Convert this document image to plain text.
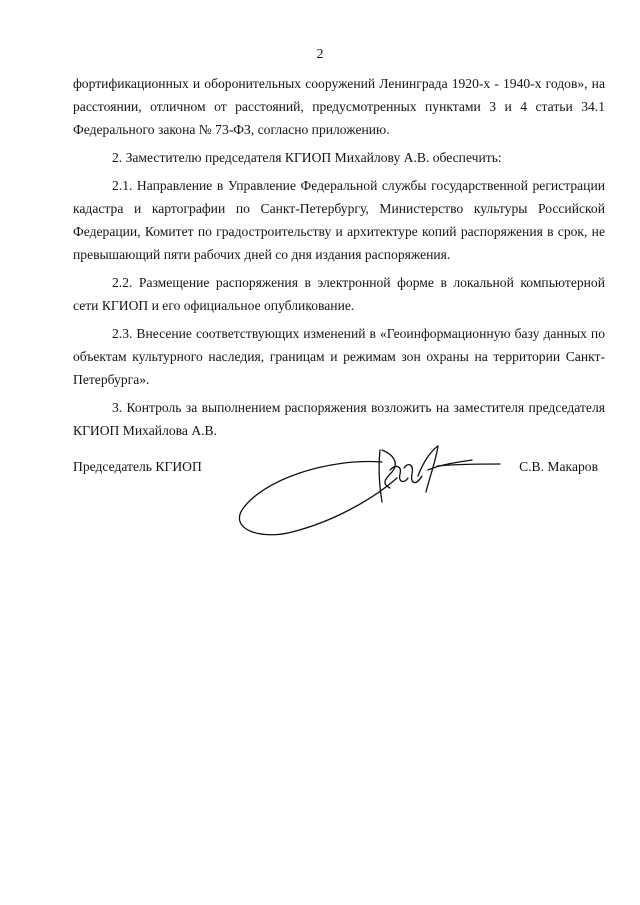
2

фортификационных и оборонительных сооружений Ленинграда 1920-х - 1940-х годов», на расстоянии, отличном от расстояний, предусмотренных пунктами 3 и 4 статьи 34.1 Федерального закона № 73-ФЗ, согласно приложению.

2. Заместителю председателя КГИОП Михайлову А.В. обеспечить:

2.1. Направление в Управление Федеральной службы государственной регистрации кадастра и картографии по Санкт-Петербургу, Министерство культуры Российской Федерации, Комитет по градостроительству и архитектуре копий распоряжения в срок, не превышающий пяти рабочих дней со дня издания распоряжения.

2.2. Размещение распоряжения в электронной форме в локальной компьютерной сети КГИОП и его официальное опубликование.

2.3. Внесение соответствующих изменений в «Геоинформационную базу данных по объектам культурного наследия, границам и режимам зон охраны на территории Санкт-Петербурга».

3. Контроль за выполнением распоряжения возложить на заместителя председателя КГИОП Михайлова А.В.

Председатель КГИОП	С.В. Макаров
